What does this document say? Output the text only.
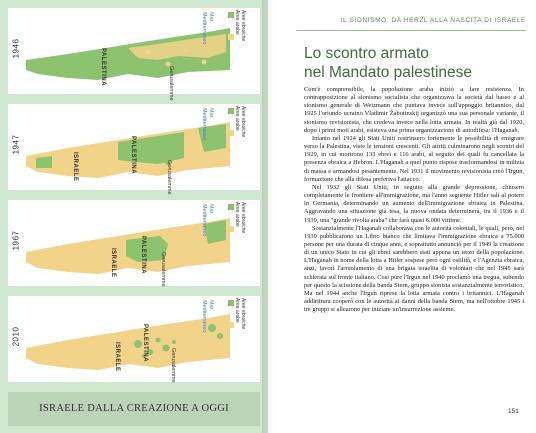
1946	PALESTINA	Gerusalemme
Mar
Mediterraneo	Aree arabe Aree ebraiche
1947	PALESTINA
ISRAELE	Gerusalemme
Mar
Mediterraneo	Aree arabe Aree ebraiche
1967	PALESTINA
ISRAELE	Gerusalemme
Mar
Mediterraneo	Aree arabe Aree ebraiche
2010	PALESTINA
ISRAELE	Gerusalemme
Mar
Mediterraneo	Aree arabe Aree ebraiche
ISRAELE DALLA CREAZIONE A OGGI
IL SIONISMO: DA HERZL ALLA NASCITA DI ISRAELE
Lo scontro armato
nel Mandato palestinese

Com'è comprensibile, la popolazione araba iniziò a fare resistenza. In contrapposizione al sionismo socialista che organizzava la società dal basso e al sionismo generale di Weizmann che puntava invece sull'appoggio britannico, dal 1925 l'oriundo ucraino Vladimir Žabotinskij organizzò una sua personale variante, il sionismo revisionista, che credeva invece nella lotta armata. In realtà già dal 1920, dopo i primi moti arabi, esisteva una prima organizzazione di autodifesa: l'Haganah.

Intanto nel 1924 gli Stati Uniti restrinsero fortemente le possibilità di emigrare verso la Palestina, viste le tensioni crescenti. Gli attriti culminarono negli scontri del 1929, in cui morirono 133 ebrei e 116 arabi, al seguito dei quali fu cancellata la presenza ebraica a Hebron. L'Haganah a quel punto rispose trasformandosi in milizia di massa e armandosi pesantemente. Nel 1931 il movimento revisionista creò l'Irgun, formazione che alla difesa preferiva l'attacco.

Nel 1932 gli Stati Uniti, in seguito alla grande depressione, chiusero completamente le frontiere all'immigrazione, ma l'anno seguente Hitler salì al potere in Germania, determinando un aumento dell'immigrazione ebraica in Palestina. Aggravando una situazione già tesa, la nuova ondata determinerà, tra il 1936 e il 1939, una "grande rivolta araba" che farà quasi 6.000 vittime.

Sostanzialmente l'Haganah collaborava con le autorità coloniali, le quali, però, nel 1939 pubblicarono un Libro bianco che limitava l'immigrazione ebraica a 75.000 persone per una durata di cinque anni, e soprattutto annunciò per il 1949 la creazione di un unico Stato in cui gli ebrei sarebbero stati appena un terzo della popolazione. L'Haganah in nome della lotta a Hitler sospese però ogni ostilità, e l'Agenzia ebraica, anzi, favorì l'arruolamento di una brigata israelita di volontari che nel 1945 sarà schierata sul fronte italiano. Così pure l'Irgun nel 1940 proclamò una tregua, subendo per questo la scissione della banda Stern, gruppo sionista sostanzialmente terroristico. Ma nel 1944 anche l'Irgun riprese la lotta armata contro i britannici. L'Haganah addirittura cooperò con le autorità ai danni della banda Stern, ma nell'ottobre 1945 i tre gruppi si allearono per iniziare un'insurrezione assieme.

151
